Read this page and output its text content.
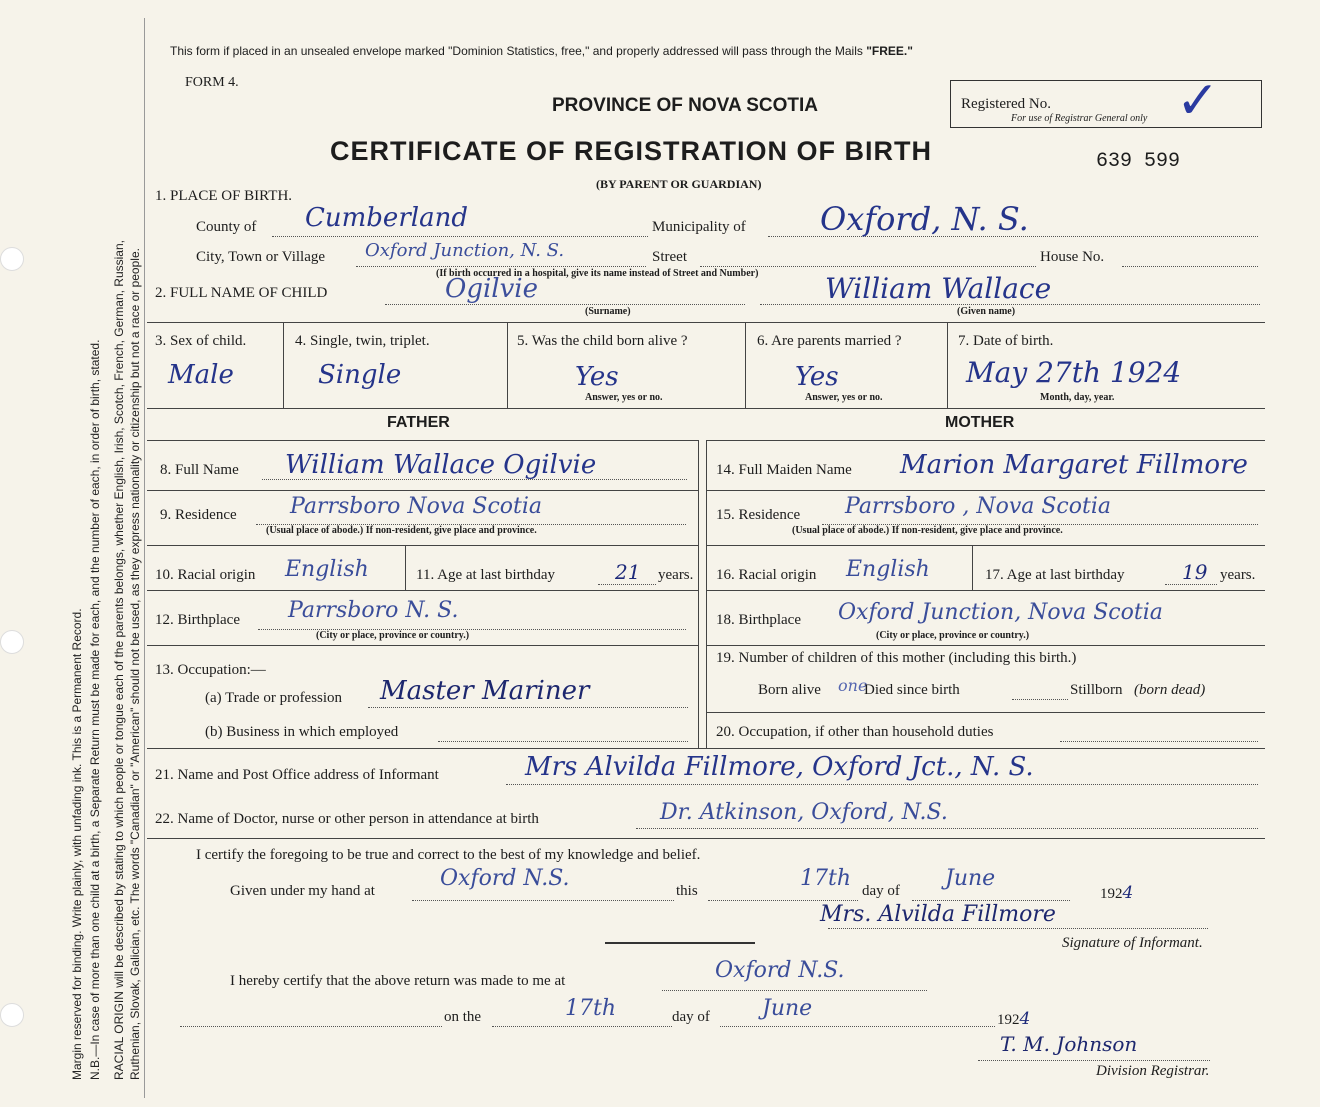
Margin reserved for binding. Write plainly, with unfading ink. This is a Permanent Record. N.B.—In case of more than one child at a birth, a Separate Return must be made for each, and the number of each, in order of birth, stated. RACIAL ORIGIN will be described by stating to which people or tongue each of the parents belongs, whether English, Irish, Scotch, French, German, Russian, Ruthenian, Slovak, Galician, etc. The words "Canadian" or "American" should not be used, as they express nationality or citizenship but not a race or people.
This form if placed in an unsealed envelope marked "Dominion Statistics, free," and properly addressed will pass through the Mails "FREE."
FORM 4.
PROVINCE OF NOVA SCOTIA
CERTIFICATE OF REGISTRATION OF BIRTH	639 599
(BY PARENT OR GUARDIAN)
Registered No.
For use of Registrar General only ✓
1. PLACE OF BIRTH.
County of Cumberland	Municipality of Oxford, N. S.
City, Town or Village Oxford Junction, N. S.	Street	House No.
(If birth occurred in a hospital, give its name instead of Street and Number)
2. FULL NAME OF CHILD	Ogilvie	William Wallace
(Surname)	(Given name)
3. Sex of child.
Male
4. Single, twin, triplet.
Single
5. Was the child born alive ?
Yes
Answer, yes or no.
6. Are parents married ?
Yes
Answer, yes or no.
7. Date of birth.
May 27th 1924
Month, day, year.
FATHER	MOTHER
8. Full Name William Wallace Ogilvie
9. Residence Parrsboro Nova Scotia
(Usual place of abode.) If non-resident, give place and province.
10. Racial origin English	11. Age at last birthday	21 years.
12. Birthplace Parrsboro N. S.
(City or place, province or country.)
13. Occupation:—
(a) Trade or profession Master Mariner
(b) Business in which employed
14. Full Maiden Name Marion Margaret Fillmore
15. Residence Parrsboro , Nova Scotia
(Usual place of abode.) If non-resident, give place and province.
16. Racial origin English	17. Age at last birthday	19 years.
18. Birthplace Oxford Junction, Nova Scotia
(City or place, province or country.)
19. Number of children of this mother (including this birth.)
Born alive one
Died since birth	Stillborn (born dead)
20. Occupation, if other than household duties
21. Name and Post Office address of Informant	Mrs Alvilda Fillmore, Oxford Jct., N. S.
22. Name of Doctor, nurse or other person in attendance at birth	Dr. Atkinson, Oxford, N.S.
I certify the foregoing to be true and correct to the best of my knowledge and belief.
Given under my hand at	Oxford N.S.	this	17th day of June
1924
Mrs. Alvilda Fillmore
Signature of Informant.
I hereby certify that the above return was made to me at	Oxford N.S.
on the	17th	day of June	1924
T. M. Johnson
Division Registrar.
